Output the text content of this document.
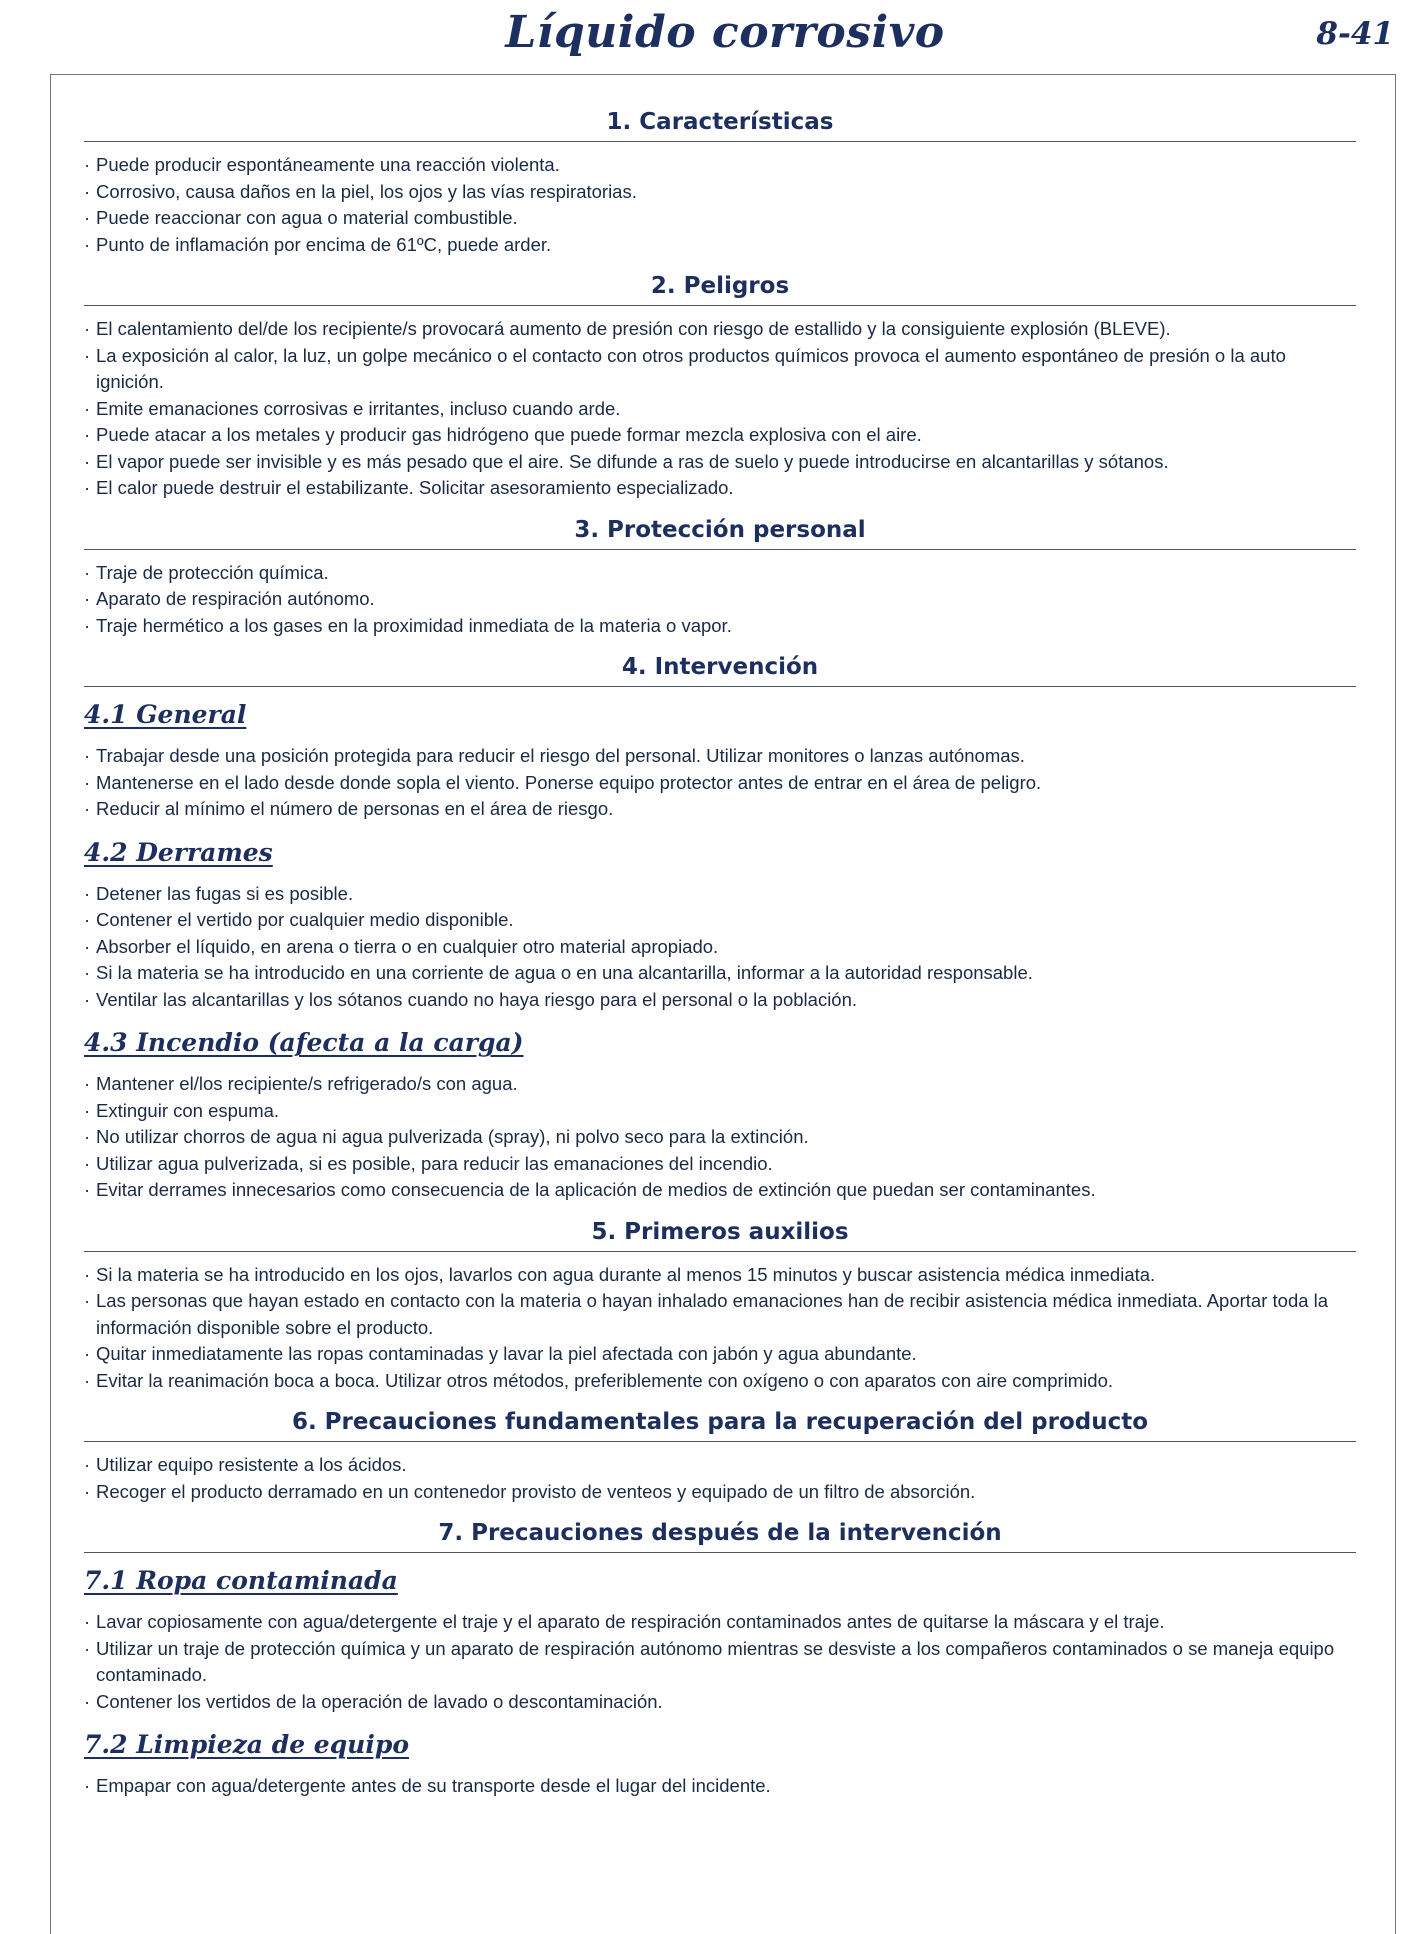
Líquido corrosivo	8-41
1. Características
· Puede producir espontáneamente una reacción violenta.
· Corrosivo, causa daños en la piel, los ojos y las vías respiratorias.
· Puede reaccionar con agua o material combustible.
· Punto de inflamación por encima de 61ºC, puede arder.
2. Peligros
· El calentamiento del/de los recipiente/s provocará aumento de presión con riesgo de estallido y la consiguiente explosión (BLEVE).
· La exposición al calor, la luz, un golpe mecánico o el contacto con otros productos químicos provoca el aumento espontáneo de presión o la auto ignición.
· Emite emanaciones corrosivas e irritantes, incluso cuando arde.
· Puede atacar a los metales y producir gas hidrógeno que puede formar mezcla explosiva con el aire.
· El vapor puede ser invisible y es más pesado que el aire. Se difunde a ras de suelo y puede introducirse en alcantarillas y sótanos.
· El calor puede destruir el estabilizante. Solicitar asesoramiento especializado.
3. Protección personal
· Traje de protección química.
· Aparato de respiración autónomo.
· Traje hermético a los gases en la proximidad inmediata de la materia o vapor.
4. Intervención
4.1 General
· Trabajar desde una posición protegida para reducir el riesgo del personal. Utilizar monitores o lanzas autónomas.
· Mantenerse en el lado desde donde sopla el viento. Ponerse equipo protector antes de entrar en el área de peligro.
· Reducir al mínimo el número de personas en el área de riesgo.
4.2 Derrames
· Detener las fugas si es posible.
· Contener el vertido por cualquier medio disponible.
· Absorber el líquido, en arena o tierra o en cualquier otro material apropiado.
· Si la materia se ha introducido en una corriente de agua o en una alcantarilla, informar a la autoridad responsable.
· Ventilar las alcantarillas y los sótanos cuando no haya riesgo para el personal o la población.
4.3 Incendio (afecta a la carga)
· Mantener el/los recipiente/s refrigerado/s con agua.
· Extinguir con espuma.
· No utilizar chorros de agua ni agua pulverizada (spray), ni polvo seco para la extinción.
· Utilizar agua pulverizada, si es posible, para reducir las emanaciones del incendio.
· Evitar derrames innecesarios como consecuencia de la aplicación de medios de extinción que puedan ser contaminantes.
5. Primeros auxilios
· Si la materia se ha introducido en los ojos, lavarlos con agua durante al menos 15 minutos y buscar asistencia médica inmediata.
· Las personas que hayan estado en contacto con la materia o hayan inhalado emanaciones han de recibir asistencia médica inmediata. Aportar toda la información disponible sobre el producto.
· Quitar inmediatamente las ropas contaminadas y lavar la piel afectada con jabón y agua abundante.
· Evitar la reanimación boca a boca. Utilizar otros métodos, preferiblemente con oxígeno o con aparatos con aire comprimido.
6. Precauciones fundamentales para la recuperación del producto
· Utilizar equipo resistente a los ácidos.
· Recoger el producto derramado en un contenedor provisto de venteos y equipado de un filtro de absorción.
7. Precauciones después de la intervención
7.1 Ropa contaminada
· Lavar copiosamente con agua/detergente el traje y el aparato de respiración contaminados antes de quitarse la máscara y el traje.
· Utilizar un traje de protección química y un aparato de respiración autónomo mientras se desviste a los compañeros contaminados o se maneja equipo contaminado.
· Contener los vertidos de la operación de lavado o descontaminación.
7.2 Limpieza de equipo
· Empapar con agua/detergente antes de su transporte desde el lugar del incidente.
